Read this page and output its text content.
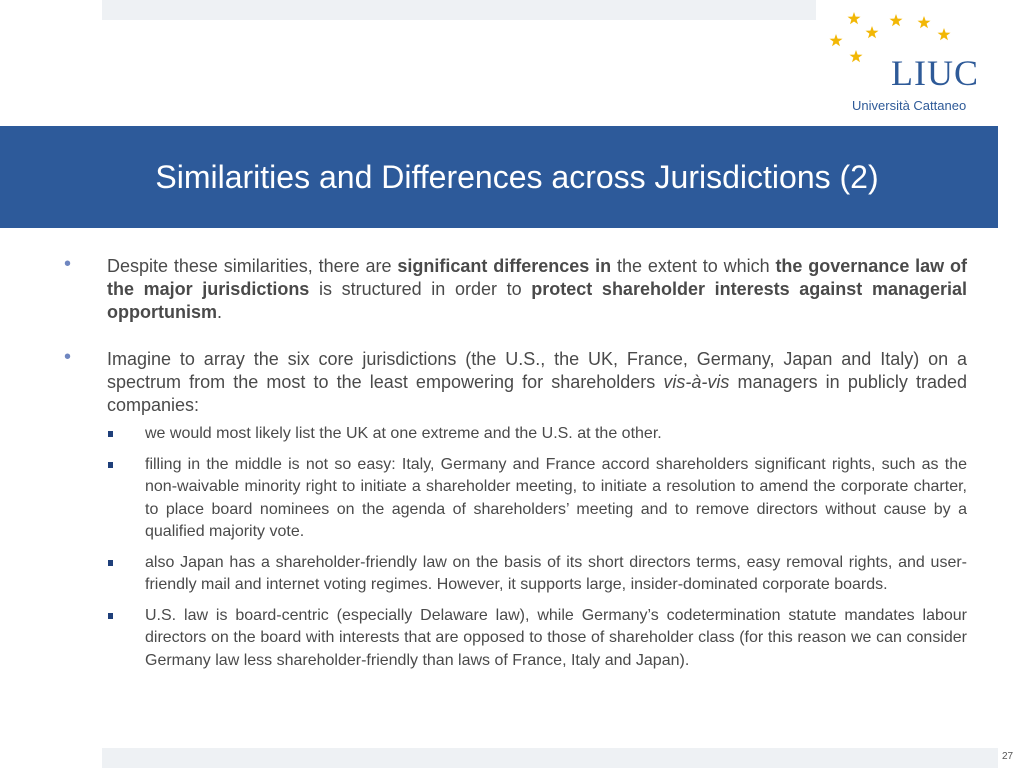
LIUC
Università Cattaneo
Similarities and Differences across Jurisdictions (2)
• Despite these similarities, there are significant differences in the extent to which the governance law of the major jurisdictions is structured in order to protect shareholder interests against managerial opportunism.
• Imagine to array the six core jurisdictions (the U.S., the UK, France, Germany, Japan and Italy) on a spectrum from the most to the least empowering for shareholders vis-à-vis managers in publicly traded companies:
we would most likely list the UK at one extreme and the U.S. at the other.
filling in the middle is not so easy: Italy, Germany and France accord shareholders significant rights, such as the non-waivable minority right to initiate a shareholder meeting, to initiate a resolution to amend the corporate charter, to place board nominees on the agenda of shareholders’ meeting and to remove directors without cause by a qualified majority vote.
also Japan has a shareholder-friendly law on the basis of its short directors terms, easy removal rights, and user-friendly mail and internet voting regimes. However, it supports large, insider-dominated corporate boards.
U.S. law is board-centric (especially Delaware law), while Germany’s codetermination statute mandates labour directors on the board with interests that are opposed to those of shareholder class (for this reason we can consider Germany law less shareholder-friendly than laws of France, Italy and Japan).
27
